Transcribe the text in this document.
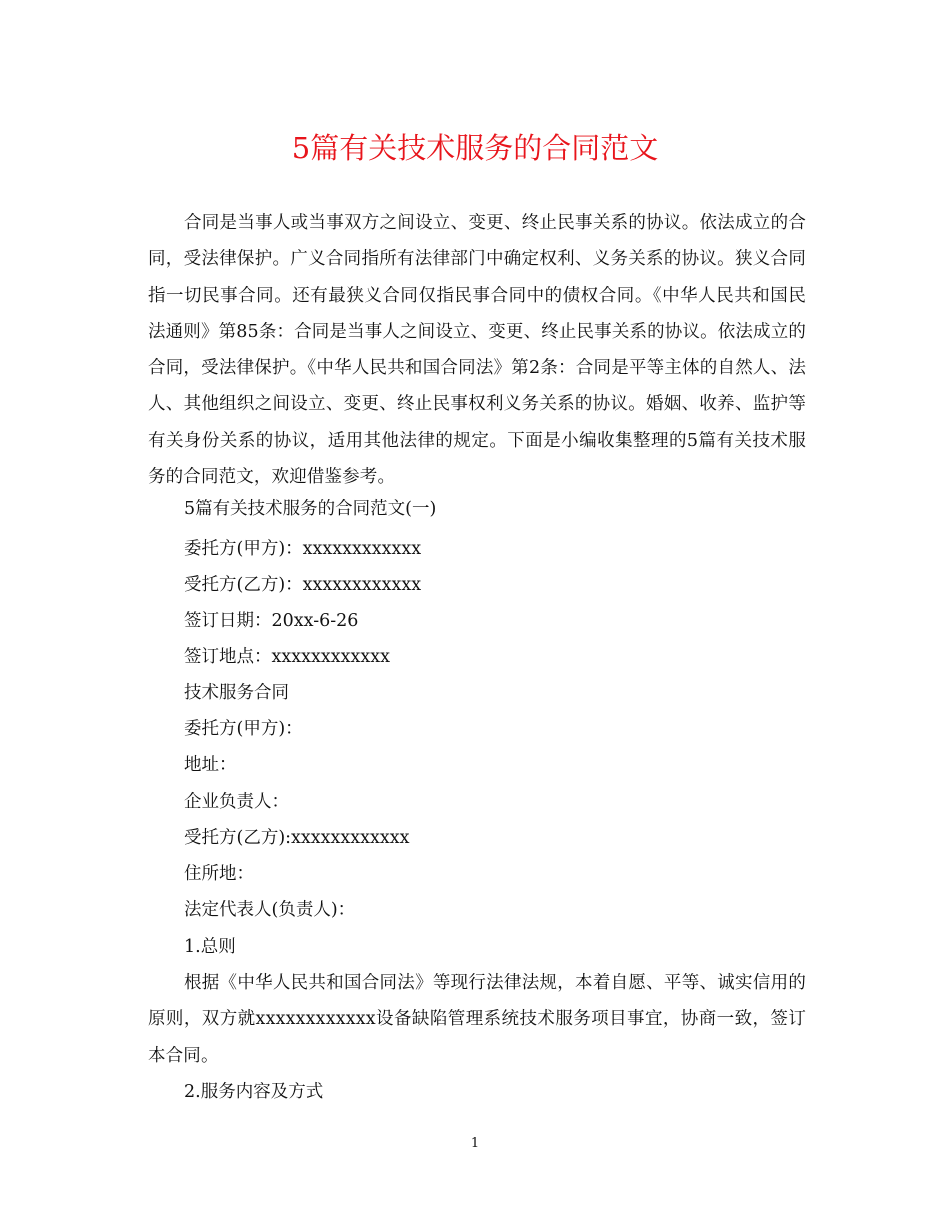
5篇有关技术服务的合同范文

合同是当事人或当事双方之间设立、变更、终止民事关系的协议。依法成立的合同，受法律保护。广义合同指所有法律部门中确定权利、义务关系的协议。狭义合同指一切民事合同。还有最狭义合同仅指民事合同中的债权合同。《中华人民共和国民法通则》第85条：合同是当事人之间设立、变更、终止民事关系的协议。依法成立的合同，受法律保护。《中华人民共和国合同法》第2条：合同是平等主体的自然人、法人、其他组织之间设立、变更、终止民事权利义务关系的协议。婚姻、收养、监护等有关身份关系的协议，适用其他法律的规定。下面是小编收集整理的5篇有关技术服务的合同范文，欢迎借鉴参考。

5篇有关技术服务的合同范文(一)

委托方(甲方)：xxxxxxxxxxxx

受托方(乙方)：xxxxxxxxxxxx

签订日期：20xx-6-26

签订地点：xxxxxxxxxxxx

技术服务合同

委托方(甲方)：

地址：

企业负责人：

受托方(乙方):xxxxxxxxxxxx

住所地：

法定代表人(负责人)：

1.总则

根据《中华人民共和国合同法》等现行法律法规，本着自愿、平等、诚实信用的原则，双方就xxxxxxxxxxxx设备缺陷管理系统技术服务项目事宜，协商一致，签订本合同。

2.服务内容及方式

1
